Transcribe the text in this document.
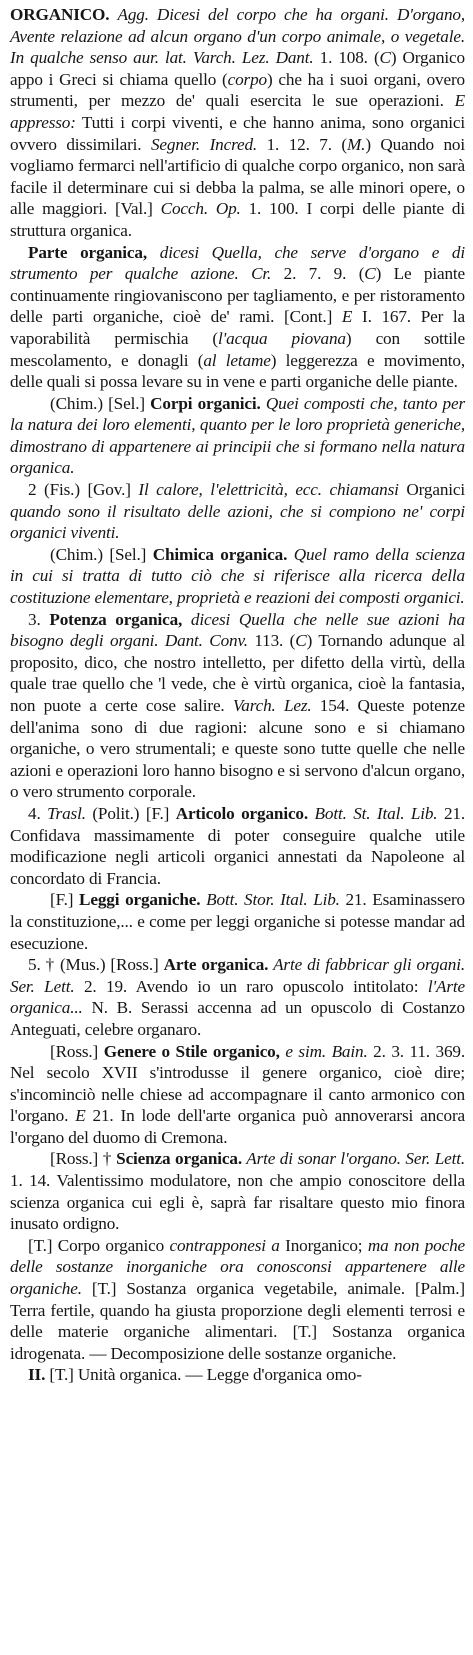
ORGANICO. Agg. Dicesi del corpo che ha organi. D'organo, Avente relazione ad alcun organo d'un corpo animale, o vegetale. In qualche senso aur. lat. Varch. Lez. Dant. 1. 108. (C) Organico appo i Greci si chiama quello (corpo) che ha i suoi organi, overo strumenti, per mezzo de' quali esercita le sue operazioni. E appresso: Tutti i corpi viventi, e che hanno anima, sono organici ovvero dissimilari. Segner. Incred. 1. 12. 7. (M.) Quando noi vogliamo fermarci nell'artificio di qualche corpo organico, non sarà facile il determinare cui si debba la palma, se alle minori opere, o alle maggiori. [Val.] Cocch. Op. 1. 100. I corpi delle piante di struttura organica.

Parte organica, dicesi Quella, che serve d'organo e di strumento per qualche azione. Cr. 2. 7. 9. (C) Le piante continuamente ringiovaniscono per tagliamento, e per ristoramento delle parti organiche, cioè de' rami. [Cont.] E I. 167. Per la vaporabilità permischia (l'acqua piovana) con sottile mescolamento, e donagli (al letame) leggerezza e movimento, delle quali si possa levare su in vene e parti organiche delle piante.

(Chim.) [Sel.] Corpi organici. Quei composti che, tanto per la natura dei loro elementi, quanto per le loro proprietà generiche, dimostrano di appartenere ai principii che si formano nella natura organica.

2 (Fis.) [Gov.] Il calore, l'elettricità, ecc. chiamansi Organici quando sono il risultato delle azioni, che si compiono ne' corpi organici viventi.

(Chim.) [Sel.] Chimica organica. Quel ramo della scienza in cui si tratta di tutto ciò che si riferisce alla ricerca della costituzione elementare, proprietà e reazioni dei composti organici.

3. Potenza organica, dicesi Quella che nelle sue azioni ha bisogno degli organi. Dant. Conv. 113. (C) Tornando adunque al proposito, dico, che nostro intelletto, per difetto della virtù, della quale trae quello che 'l vede, che è virtù organica, cioè la fantasia, non puote a certe cose salire. Varch. Lez. 154. Queste potenze dell'anima sono di due ragioni: alcune sono e si chiamano organiche, o vero strumentali; e queste sono tutte quelle che nelle azioni e operazioni loro hanno bisogno e si servono d'alcun organo, o vero strumento corporale.

4. Trasl. (Polit.) [F.] Articolo organico. Bott. St. Ital. Lib. 21. Confidava massimamente di poter conseguire qualche utile modificazione negli articoli organici annestati da Napoleone al concordato di Francia.

[F.] Leggi organiche. Bott. Stor. Ital. Lib. 21. Esaminassero la constituzione,... e come per leggi organiche si potesse mandar ad esecuzione.

5. † (Mus.) [Ross.] Arte organica. Arte di fabbricar gli organi. Ser. Lett. 2. 19. Avendo io un raro opuscolo intitolato: l'Arte organica... N. B. Serassi accenna ad un opuscolo di Costanzo Anteguati, celebre organaro.

[Ross.] Genere o Stile organico, e sim. Bain. 2. 3. 11. 369. Nel secolo XVII s'introdusse il genere organico, cioè dire; s'incominciò nelle chiese ad accompagnare il canto armonico con l'organo. E 21. In lode dell'arte organica può annoverarsi ancora l'organo del duomo di Cremona.

[Ross.] † Scienza organica. Arte di sonar l'organo. Ser. Lett. 1. 14. Valentissimo modulatore, non che ampio conoscitore della scienza organica cui egli è, saprà far risaltare questo mio finora inusato ordigno.

[T.] Corpo organico contrapponesi a Inorganico; ma non poche delle sostanze inorganiche ora conosconsi appartenere alle organiche. [T.] Sostanza organica vegetabile, animale. [Palm.] Terra fertile, quando ha giusta proporzione degli elementi terrosi e delle materie organiche alimentari. [T.] Sostanza organica idrogenata. — Decomposizione delle sostanze organiche.

II. [T.] Unità organica. — Legge d'organica omo-
